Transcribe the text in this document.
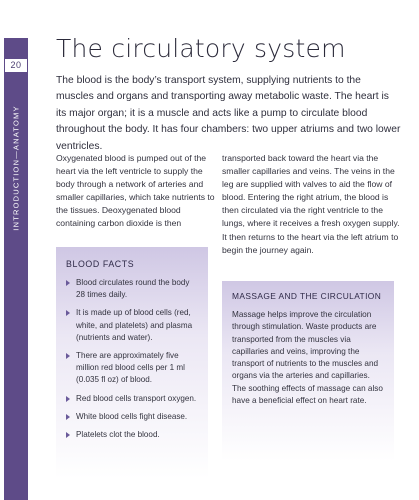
20
INTRODUCTION—ANATOMY
The circulatory system

The blood is the body’s transport system, supplying nutrients to the muscles and organs and transporting away metabolic waste. The heart is its major organ; it is a muscle and acts like a pump to circulate blood throughout the body. It has four chambers: two upper atriums and two lower ventricles.

Oxygenated blood is pumped out of the heart via the left ventricle to supply the body through a network of arteries and smaller capillaries, which take nutrients to the tissues. Deoxygenated blood containing carbon dioxide is then

transported back toward the heart via the smaller capillaries and veins. The veins in the leg are supplied with valves to aid the flow of blood. Entering the right atrium, the blood is then circulated via the right ventricle to the lungs, where it receives a fresh oxygen supply. It then returns to the heart via the left atrium to begin the journey again.

BLOOD FACTS
Blood circulates round the body 28 times daily.
It is made up of blood cells (red, white, and platelets) and plasma (nutrients and water).
There are approximately five million red blood cells per 1 ml (0.035 fl oz) of blood.
Red blood cells transport oxygen.
White blood cells fight disease.
Platelets clot the blood.
MASSAGE AND THE CIRCULATION

Massage helps improve the circulation through stimulation. Waste products are transported from the muscles via capillaries and veins, improving the transport of nutrients to the muscles and organs via the arteries and capillaries. The soothing effects of massage can also have a beneficial effect on heart rate.
